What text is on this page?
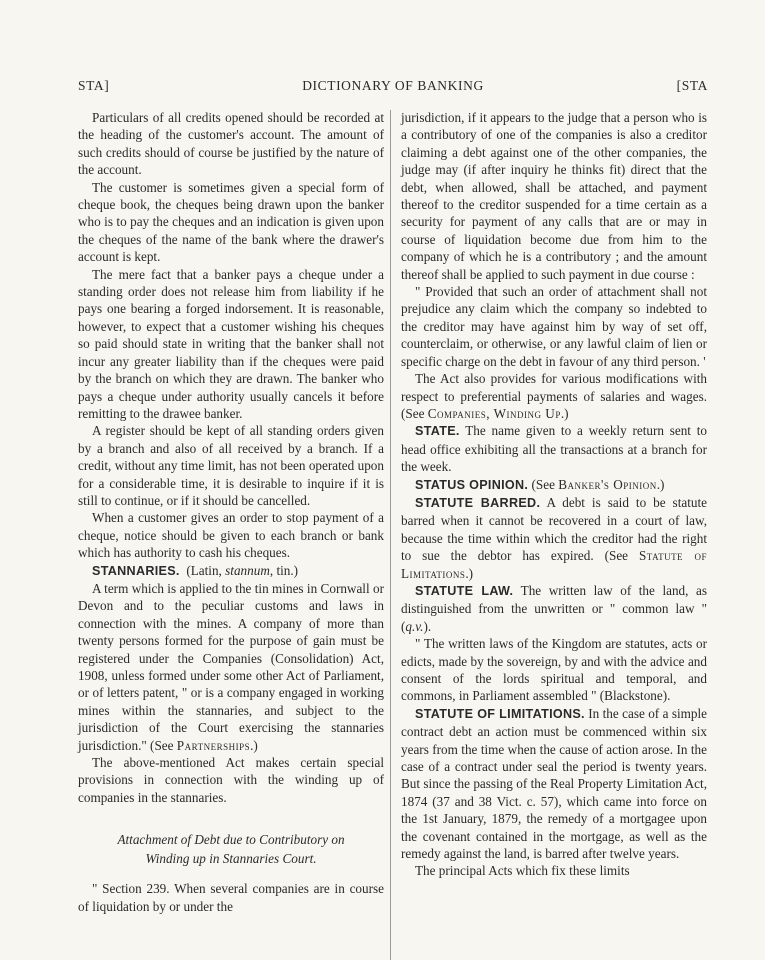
STA]	DICTIONARY OF BANKING	[STA

Particulars of all credits opened should be recorded at the heading of the customer's account. The amount of such credits should of course be justified by the nature of the account.

The customer is sometimes given a special form of cheque book, the cheques being drawn upon the banker who is to pay the cheques and an indication is given upon the cheques of the name of the bank where the drawer's account is kept.

The mere fact that a banker pays a cheque under a standing order does not release him from liability if he pays one bearing a forged indorsement. It is reasonable, however, to expect that a customer wishing his cheques so paid should state in writing that the banker shall not incur any greater liability than if the cheques were paid by the branch on which they are drawn. The banker who pays a cheque under authority usually cancels it before remitting to the drawee banker.

A register should be kept of all standing orders given by a branch and also of all received by a branch. If a credit, without any time limit, has not been operated upon for a considerable time, it is desirable to inquire if it is still to continue, or if it should be cancelled.

When a customer gives an order to stop payment of a cheque, notice should be given to each branch or bank which has authority to cash his cheques.

STANNARIES. (Latin, stannum, tin.)

A term which is applied to the tin mines in Cornwall or Devon and to the peculiar customs and laws in connection with the mines. A company of more than twenty persons formed for the purpose of gain must be registered under the Companies (Consolidation) Act, 1908, unless formed under some other Act of Parliament, or of letters patent, " or is a company engaged in working mines within the stannaries, and subject to the jurisdiction of the Court exercising the stannaries jurisdiction." (See Partnerships.)

The above-mentioned Act makes certain special provisions in connection with the winding up of companies in the stannaries.

Attachment of Debt due to Contributory on
Winding up in Stannaries Court.

" Section 239. When several companies are in course of liquidation by or under the

jurisdiction, if it appears to the judge that a person who is a contributory of one of the companies is also a creditor claiming a debt against one of the other companies, the judge may (if after inquiry he thinks fit) direct that the debt, when allowed, shall be attached, and payment thereof to the creditor suspended for a time certain as a security for payment of any calls that are or may in course of liquidation become due from him to the company of which he is a contributory ; and the amount thereof shall be applied to such payment in due course :

" Provided that such an order of attachment shall not prejudice any claim which the company so indebted to the creditor may have against him by way of set off, counterclaim, or otherwise, or any lawful claim of lien or specific charge on the debt in favour of any third person. '

The Act also provides for various modifications with respect to preferential payments of salaries and wages. (See Companies, Winding Up.)

STATE. The name given to a weekly return sent to head office exhibiting all the transactions at a branch for the week.

STATUS OPINION. (See Banker's Opinion.)

STATUTE BARRED. A debt is said to be statute barred when it cannot be recovered in a court of law, because the time within which the creditor had the right to sue the debtor has expired. (See Statute of Limitations.)

STATUTE LAW. The written law of the land, as distinguished from the unwritten or " common law " (q.v.).

" The written laws of the Kingdom are statutes, acts or edicts, made by the sovereign, by and with the advice and consent of the lords spiritual and temporal, and commons, in Parliament assembled " (Blackstone).

STATUTE OF LIMITATIONS. In the case of a simple contract debt an action must be commenced within six years from the time when the cause of action arose. In the case of a contract under seal the period is twenty years. But since the passing of the Real Property Limitation Act, 1874 (37 and 38 Vict. c. 57), which came into force on the 1st January, 1879, the remedy of a mortgagee upon the covenant contained in the mortgage, as well as the remedy against the land, is barred after twelve years.

The principal Acts which fix these limits
